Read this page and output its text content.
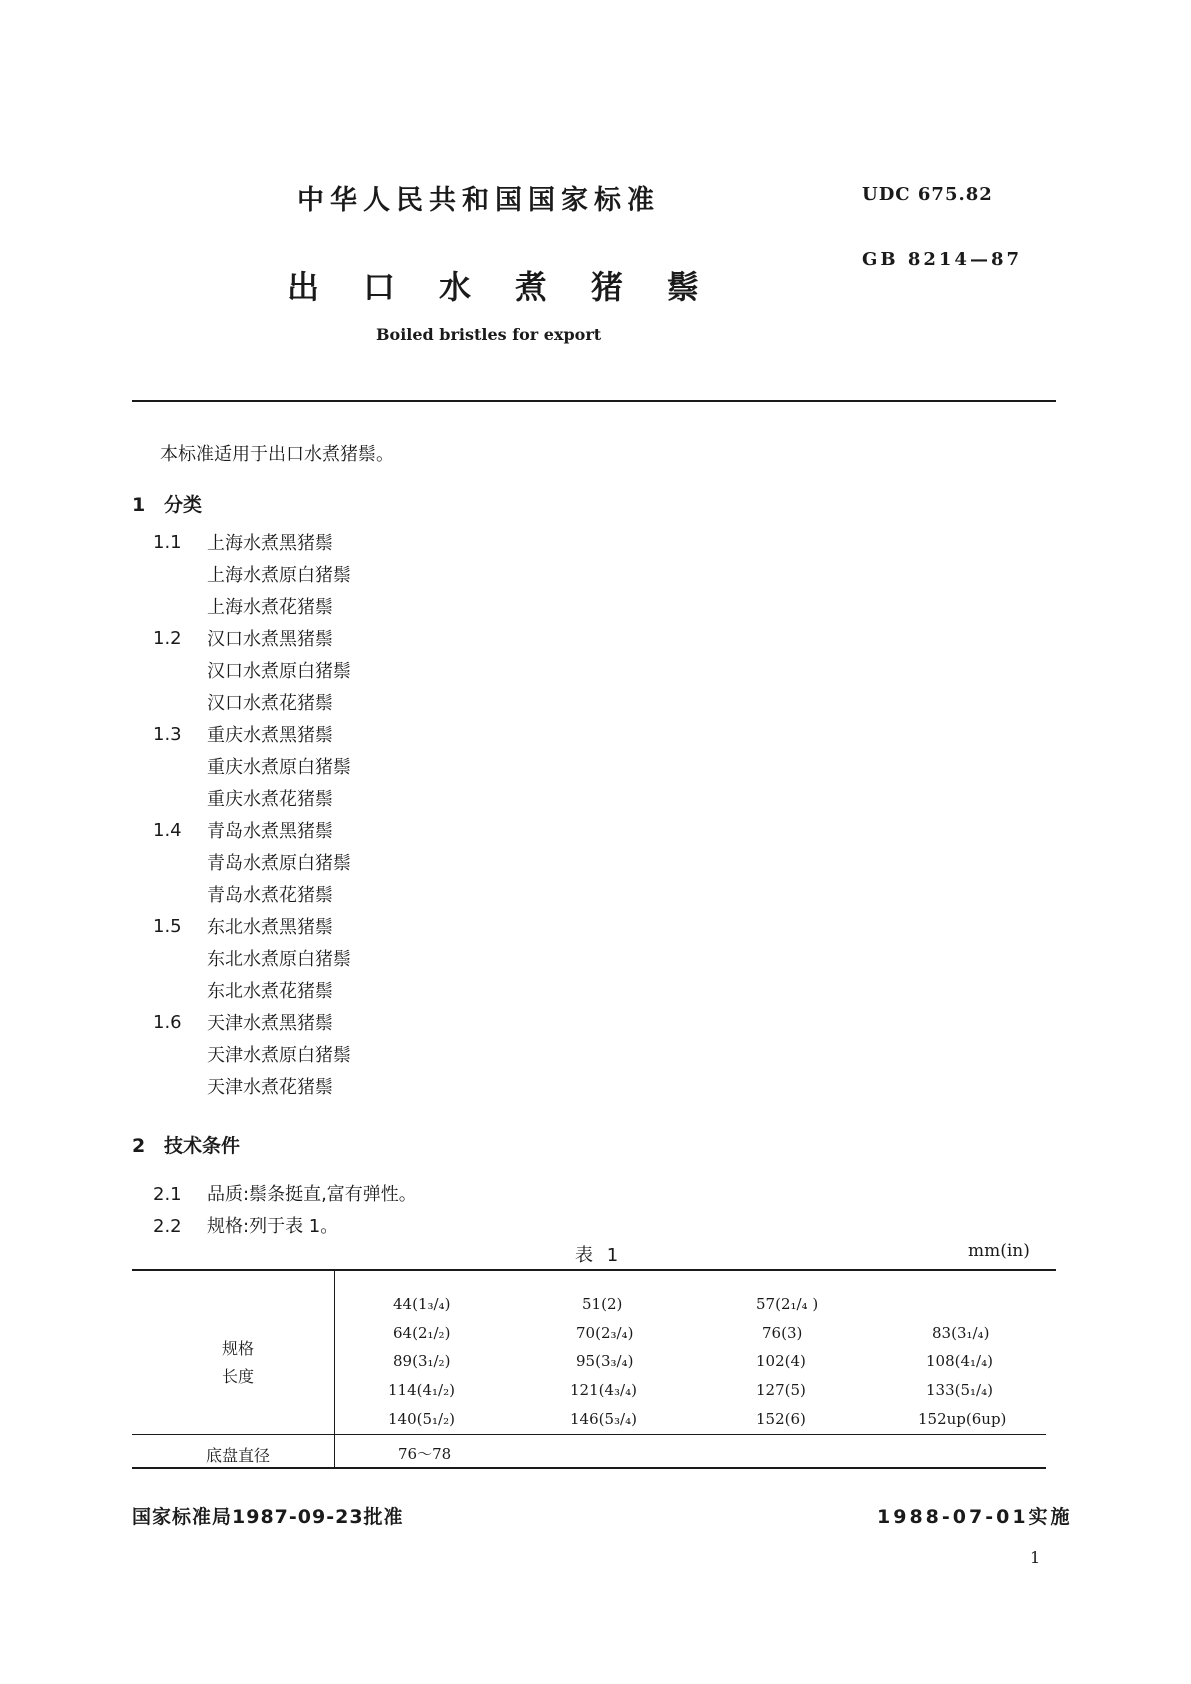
中华人民共和国国家标准
出口水煮猪鬃
Boiled bristles for export
UDC 675.82
GB 8214—87
本标准适用于出口水煮猪鬃。
1 分类
1.1 上海水煮黑猪鬃
上海水煮原白猪鬃
上海水煮花猪鬃
1.2 汉口水煮黑猪鬃
汉口水煮原白猪鬃
汉口水煮花猪鬃
1.3 重庆水煮黑猪鬃
重庆水煮原白猪鬃
重庆水煮花猪鬃
1.4 青岛水煮黑猪鬃
青岛水煮原白猪鬃
青岛水煮花猪鬃
1.5 东北水煮黑猪鬃
东北水煮原白猪鬃
东北水煮花猪鬃
1.6 天津水煮黑猪鬃
天津水煮原白猪鬃
天津水煮花猪鬃
2 技术条件
2.1 品质:鬃条挺直,富有弹性。
2.2 规格:列于表 1。
表 1	mm(in)
规格
长度
44(1₃/₄)	51(2)	57(2₁/₄ )
64(2₁/₂)	70(2₃/₄)	76(3)	83(3₁/₄)
89(3₁/₂)	95(3₃/₄)	102(4)	108(4₁/₄)
114(4₁/₂)	121(4₃/₄)	127(5)	133(5₁/₄)
140(5₁/₂)	146(5₃/₄)	152(6)	152up(6up)
底盘直径	76～78
国家标准局1987-09-23批准	1988-07-01实施
1
